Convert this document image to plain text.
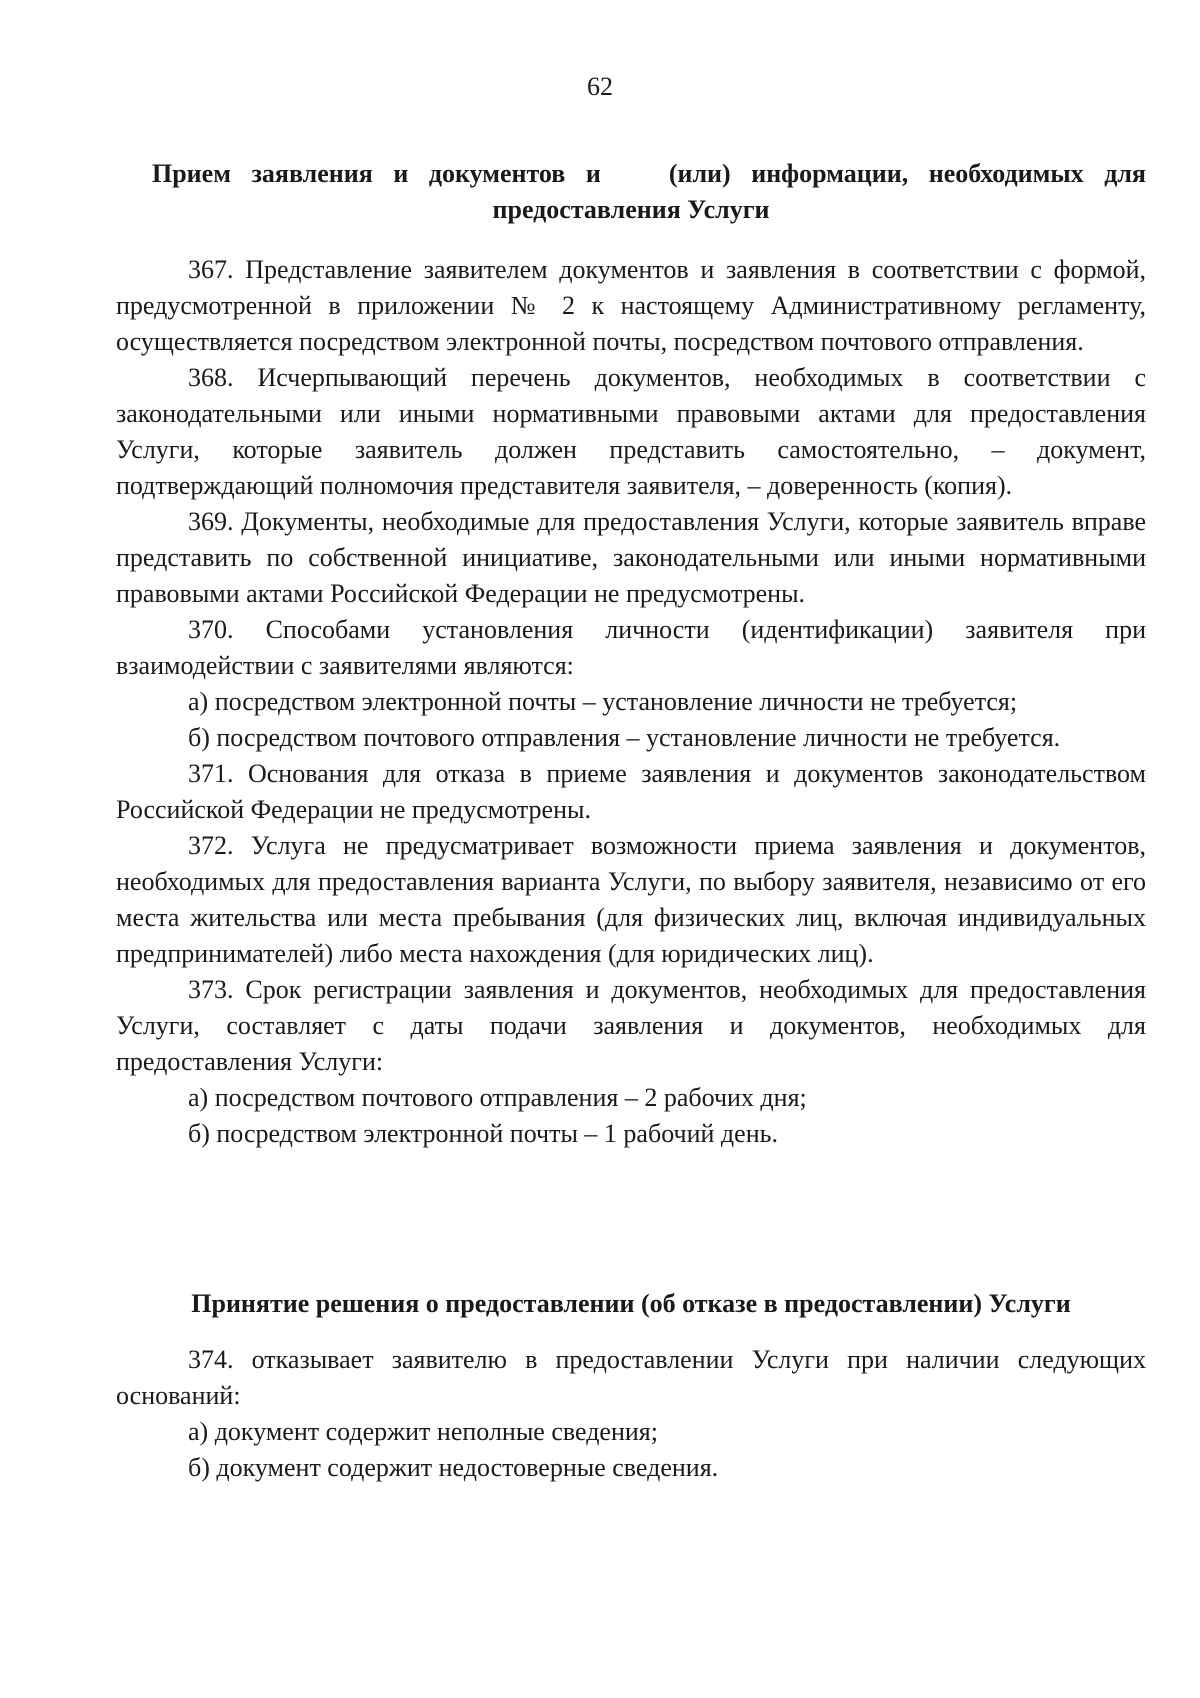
62
Прием заявления и документов и	(или) информации, необходимых для
предоставления Услуги

367. Представление заявителем документов и заявления в соответствии с формой, предусмотренной в приложении № 2 к настоящему Административному регламенту, осуществляется посредством электронной почты, посредством почтового отправления.

368. Исчерпывающий перечень документов, необходимых в соответствии с законодательными или иными нормативными правовыми актами для предоставления Услуги, которые заявитель должен представить самостоятельно, – документ, подтверждающий полномочия представителя заявителя, – доверенность (копия).

369. Документы, необходимые для предоставления Услуги, которые заявитель вправе представить по собственной инициативе, законодательными или иными нормативными правовыми актами Российской Федерации не предусмотрены.

370. Способами установления личности (идентификации) заявителя при взаимодействии с заявителями являются:

а) посредством электронной почты – установление личности не требуется;

б) посредством почтового отправления – установление личности не требуется.

371. Основания для отказа в приеме заявления и документов законодательством Российской Федерации не предусмотрены.

372. Услуга не предусматривает возможности приема заявления и документов, необходимых для предоставления варианта Услуги, по выбору заявителя, независимо от его места жительства или места пребывания (для физических лиц, включая индивидуальных предпринимателей) либо места нахождения (для юридических лиц).

373. Срок регистрации заявления и документов, необходимых для предоставления Услуги, составляет с даты подачи заявления и документов, необходимых для предоставления Услуги:

а) посредством почтового отправления – 2 рабочих дня;

б) посредством электронной почты – 1 рабочий день.

Принятие решения о предоставлении (об отказе в предоставлении) Услуги

374. отказывает заявителю в предоставлении Услуги при наличии следующих оснований:

а) документ содержит неполные сведения;

б) документ содержит недостоверные сведения.
